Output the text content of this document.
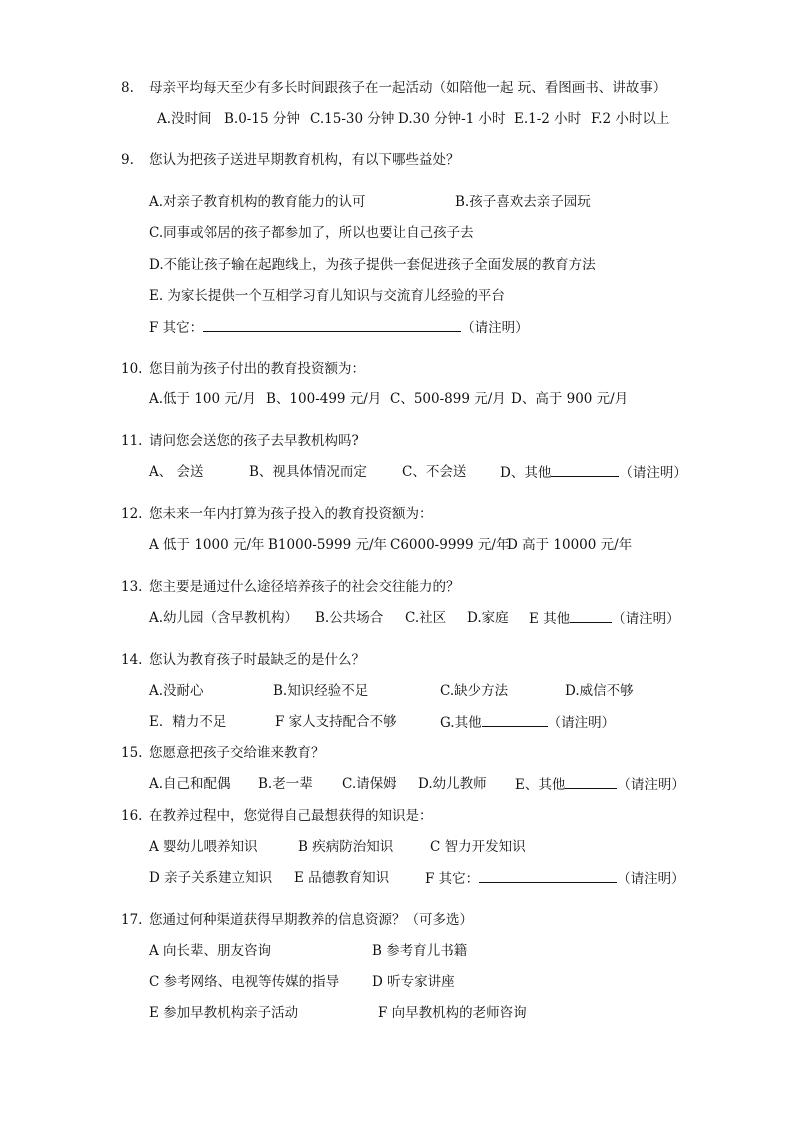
8. 母亲平均每天至少有多长时间跟孩子在一起活动（如陪他一起 玩、看图画书、讲故事）
A.没时间 B.0-15 分钟 C.15-30 分钟 D.30 分钟-1 小时 E.1-2 小时 F.2 小时以上
9. 您认为把孩子送进早期教育机构，有以下哪些益处？
A.对亲子教育机构的教育能力的认可	B.孩子喜欢去亲子园玩
C.同事或邻居的孩子都参加了，所以也要让自己孩子去
D.不能让孩子输在起跑线上，为孩子提供一套促进孩子全面发展的教育方法
E. 为家长提供一个互相学习育儿知识与交流育儿经验的平台
F 其它：	（请注明）
10. 您目前为孩子付出的教育投资额为：
A.低于 100 元/月 B、100-499 元/月 C、500-899 元/月 D、高于 900 元/月
11. 请问您会送您的孩子去早教机构吗?
A、 会送	B、视具体情况而定	C、不会送 D、其他	（请注明）
12. 您未来一年内打算为孩子投入的教育投资额为：
A 低于 1000 元/年 B1000-5999 元/年 C6000-9999 元/年
D 高于 10000 元/年
13. 您主要是通过什么途径培养孩子的社会交往能力的？
A.幼儿园（含早教机构） B.公共场合 C.社区 D.家庭 E 其他	（请注明）
14. 您认为教育孩子时最缺乏的是什么？
A.没耐心	B.知识经验不足	C.缺少方法	D.威信不够
E．精力不足	F 家人支持配合不够	G.其他	（请注明）
15. 您愿意把孩子交给谁来教育？
A.自己和配偶 B.老一辈 C.请保姆 D.幼儿教师 E、其他	（请注明）
16. 在教养过程中，您觉得自己最想获得的知识是：
A 婴幼儿喂养知识	B 疾病防治知识	C 智力开发知识
D 亲子关系建立知识 E 品德教育知识	F 其它：	（请注明）
17. 您通过何种渠道获得早期教养的信息资源？（可多选）
A 向长辈、朋友咨询	B 参考育儿书籍
C 参考网络、电视等传媒的指导 D 听专家讲座
E 参加早教机构亲子活动	F 向早教机构的老师咨询
